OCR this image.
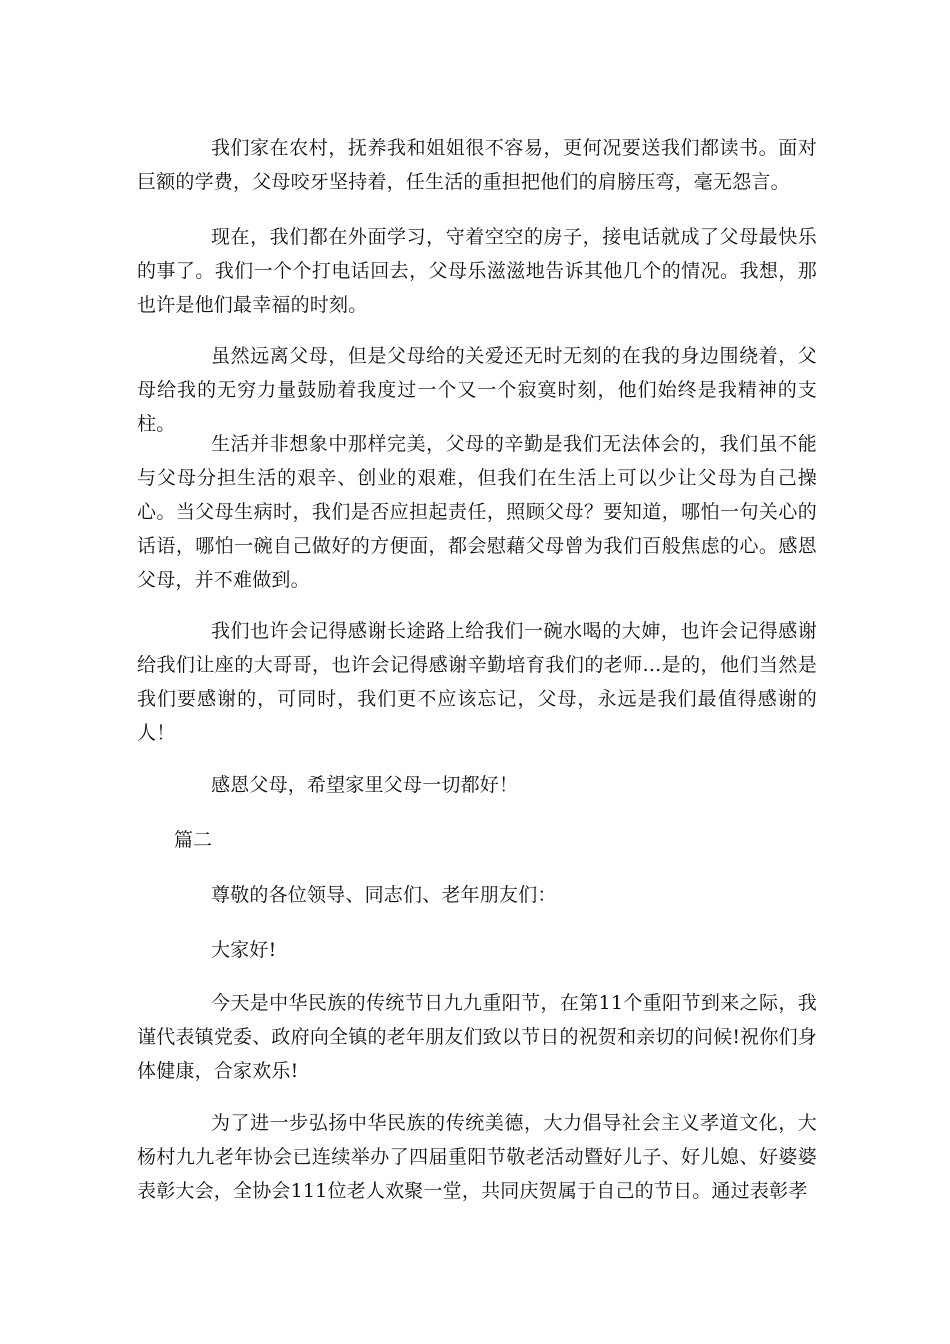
我们家在农村，抚养我和姐姐很不容易，更何况要送我们都读书。面对巨额的学费，父母咬牙坚持着，任生活的重担把他们的肩膀压弯，毫无怨言。

现在，我们都在外面学习，守着空空的房子，接电话就成了父母最快乐的事了。我们一个个打电话回去，父母乐滋滋地告诉其他几个的情况。我想，那也许是他们最幸福的时刻。

虽然远离父母，但是父母给的关爱还无时无刻的在我的身边围绕着，父母给我的无穷力量鼓励着我度过一个又一个寂寞时刻，他们始终是我精神的支柱。

生活并非想象中那样完美，父母的辛勤是我们无法体会的，我们虽不能与父母分担生活的艰辛、创业的艰难，但我们在生活上可以少让父母为自己操心。当父母生病时，我们是否应担起责任，照顾父母？要知道，哪怕一句关心的话语，哪怕一碗自己做好的方便面，都会慰藉父母曾为我们百般焦虑的心。感恩父母，并不难做到。

我们也许会记得感谢长途路上给我们一碗水喝的大婶，也许会记得感谢给我们让座的大哥哥，也许会记得感谢辛勤培育我们的老师...是的，他们当然是我们要感谢的，可同时，我们更不应该忘记，父母，永远是我们最值得感谢的人！

感恩父母，希望家里父母一切都好！

篇二

尊敬的各位领导、同志们、老年朋友们：

大家好!

今天是中华民族的传统节日九九重阳节，在第11个重阳节到来之际，我谨代表镇党委、政府向全镇的老年朋友们致以节日的祝贺和亲切的问候!祝你们身体健康，合家欢乐!

为了进一步弘扬中华民族的传统美德，大力倡导社会主义孝道文化，大杨村九九老年协会已连续举办了四届重阳节敬老活动暨好儿子、好儿媳、好婆婆表彰大会，全协会111位老人欢聚一堂，共同庆贺属于自己的节日。通过表彰孝
